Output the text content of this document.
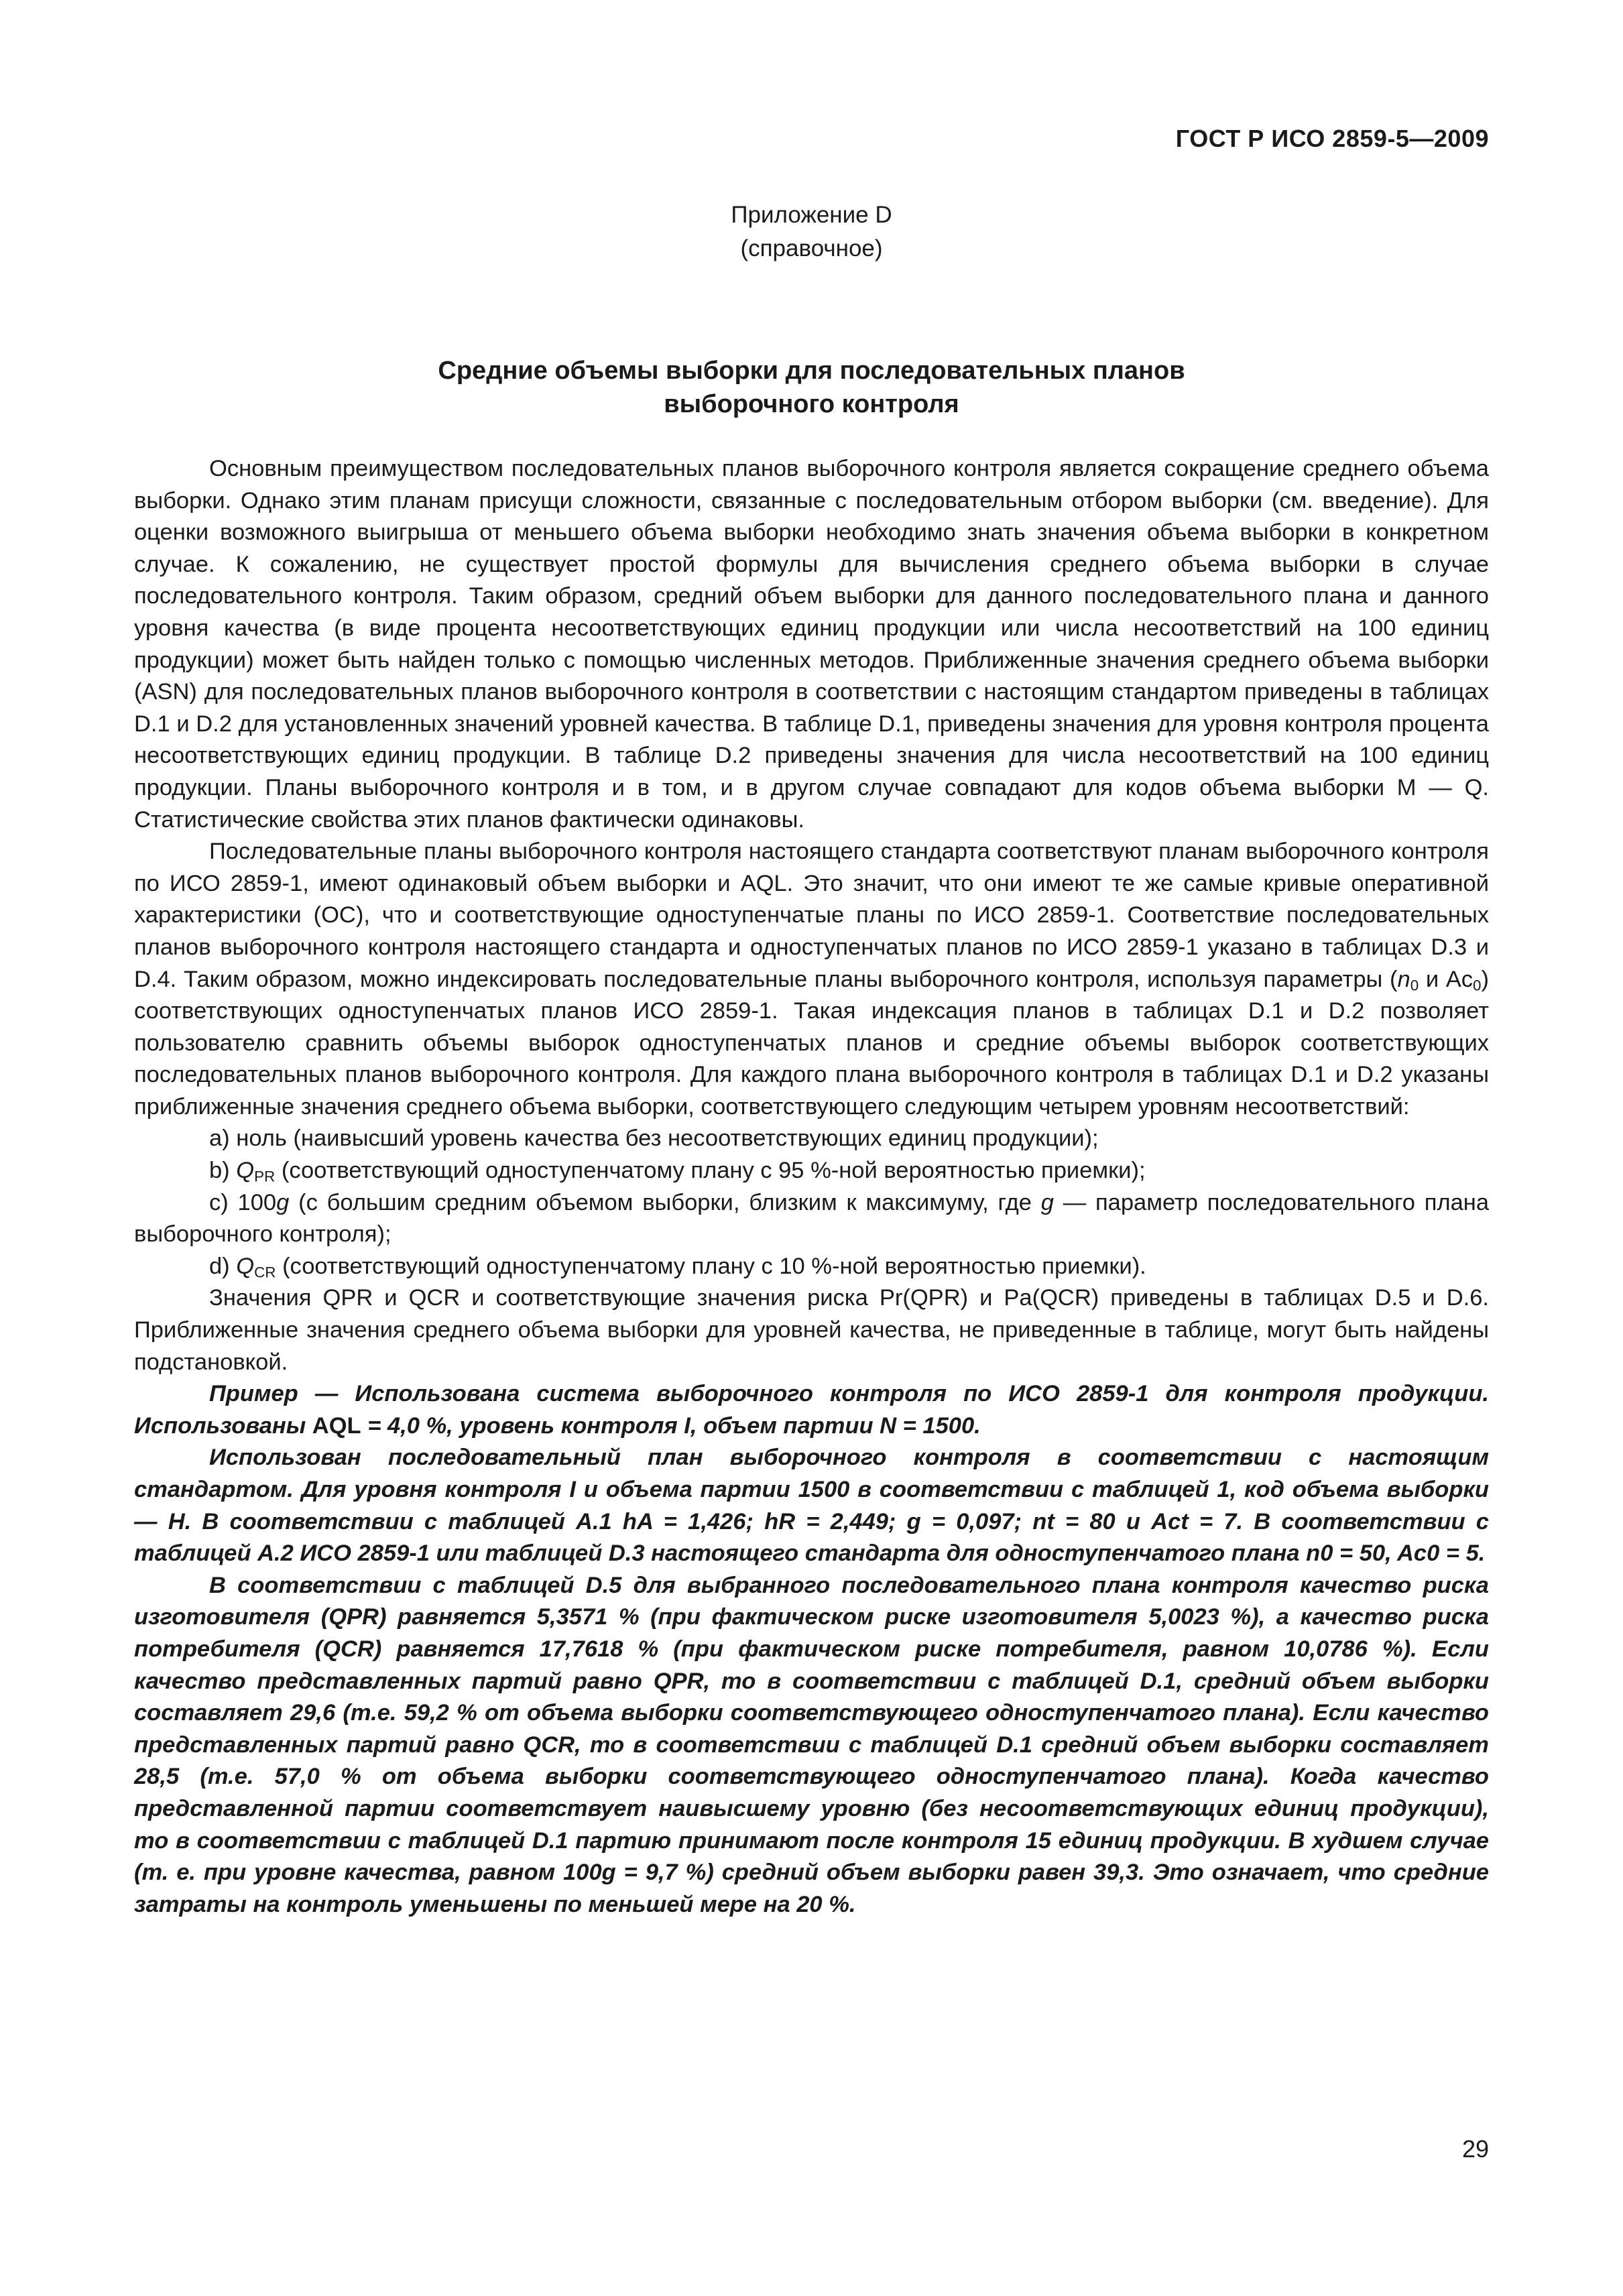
ГОСТ Р ИСО 2859-5—2009
Приложение D
(справочное)
Средние объемы выборки для последовательных планов
выборочного контроля

Основным преимуществом последовательных планов выборочного контроля является сокращение среднего объема выборки. Однако этим планам присущи сложности, связанные с последовательным отбором выборки (см. введение). Для оценки возможного выигрыша от меньшего объема выборки необходимо знать значения объема выборки в конкретном случае. К сожалению, не существует простой формулы для вычисления среднего объема выборки в случае последовательного контроля. Таким образом, средний объем выборки для данного последовательного плана и данного уровня качества (в виде процента несоответствующих единиц продукции или числа несоответствий на 100 единиц продукции) может быть найден только с помощью численных методов. Приближенные значения среднего объема выборки (ASN) для последовательных планов выборочного контроля в соответствии с настоящим стандартом приведены в таблицах D.1 и D.2 для установленных значений уровней качества. В таблице D.1, приведены значения для уровня контроля процента несоответствующих единиц продукции. В таблице D.2 приведены значения для числа несоответствий на 100 единиц продукции. Планы выборочного контроля и в том, и в другом случае совпадают для кодов объема выборки M — Q. Статистические свойства этих планов фактически одинаковы.

Последовательные планы выборочного контроля настоящего стандарта соответствуют планам выборочного контроля по ИСО 2859-1, имеют одинаковый объем выборки и AQL. Это значит, что они имеют те же самые кривые оперативной характеристики (ОС), что и соответствующие одноступенчатые планы по ИСО 2859-1. Соответствие последовательных планов выборочного контроля настоящего стандарта и одноступенчатых планов по ИСО 2859-1 указано в таблицах D.3 и D.4. Таким образом, можно индексировать последовательные планы выборочного контроля, используя параметры ($n_0$ и $Ac_0$) соответствующих одноступенчатых планов ИСО 2859-1. Такая индексация планов в таблицах D.1 и D.2 позволяет пользователю сравнить объемы выборок одноступенчатых планов и средние объемы выборок соответствующих последовательных планов выборочного контроля. Для каждого плана выборочного контроля в таблицах D.1 и D.2 указаны приближенные значения среднего объема выборки, соответствующего следующим четырем уровням несоответствий:

a) ноль (наивысший уровень качества без несоответствующих единиц продукции);

b) $Q_{PR}$ (соответствующий одноступенчатому плану с 95 %-ной вероятностью приемки);

c) 100g (с большим средним объемом выборки, близким к максимуму, где g — параметр последовательного плана выборочного контроля);

d) $Q_{CR}$ (соответствующий одноступенчатому плану с 10 %-ной вероятностью приемки).

Значения QPR и QCR и соответствующие значения риска Pr(QPR) и Pa(QCR) приведены в таблицах D.5 и D.6. Приближенные значения среднего объема выборки для уровней качества, не приведенные в таблице, могут быть найдены подстановкой.

Пример — Использована система выборочного контроля по ИСО 2859-1 для контроля продукции. Использованы AQL = 4,0 %, уровень контроля I, объем партии N = 1500.

Использован последовательный план выборочного контроля в соответствии с настоящим стандартом. Для уровня контроля I и объема партии 1500 в соответствии с таблицей 1, код объема выборки — H. В соответствии с таблицей A.1 hA = 1,426; hR = 2,449; g = 0,097; nt = 80 и Act = 7. В соответствии с таблицей A.2 ИСО 2859-1 или таблицей D.3 настоящего стандарта для одноступенчатого плана n0 = 50, Ac0 = 5.

В соответствии с таблицей D.5 для выбранного последовательного плана контроля качество риска изготовителя (QPR) равняется 5,3571 % (при фактическом риске изготовителя 5,0023 %), а качество риска потребителя (QCR) равняется 17,7618 % (при фактическом риске потребителя, равном 10,0786 %). Если качество представленных партий равно QPR, то в соответствии с таблицей D.1, средний объем выборки составляет 29,6 (т.е. 59,2 % от объема выборки соответствующего одноступенчатого плана). Если качество представленных партий равно QCR, то в соответствии с таблицей D.1 средний объем выборки составляет 28,5 (т.е. 57,0 % от объема выборки соответствующего одноступенчатого плана). Когда качество представленной партии соответствует наивысшему уровню (без несоответствующих единиц продукции), то в соответствии с таблицей D.1 партию принимают после контроля 15 единиц продукции. В худшем случае (т. е. при уровне качества, равном 100g = 9,7 %) средний объем выборки равен 39,3. Это означает, что средние затраты на контроль уменьшены по меньшей мере на 20 %.

29
